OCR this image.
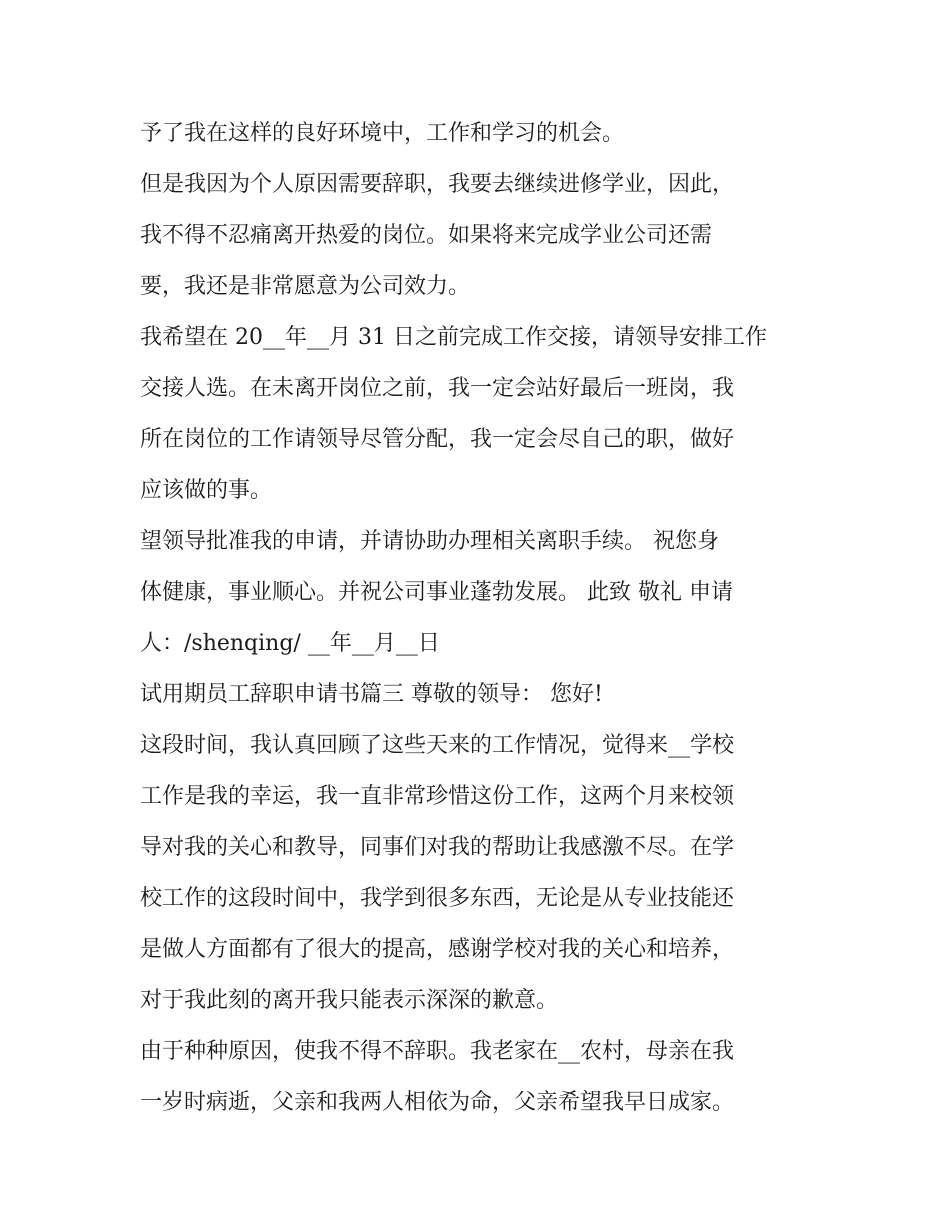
予了我在这样的良好环境中，工作和学习的机会。
但是我因为个人原因需要辞职，我要去继续进修学业，因此，
我不得不忍痛离开热爱的岗位。如果将来完成学业公司还需
要，我还是非常愿意为公司效力。
我希望在 20__年__月 31 日之前完成工作交接，请领导安排工作
交接人选。在未离开岗位之前，我一定会站好最后一班岗，我
所在岗位的工作请领导尽管分配，我一定会尽自己的职，做好
应该做的事。
望领导批准我的申请，并请协助办理相关离职手续。 祝您身
体健康，事业顺心。并祝公司事业蓬勃发展。 此致 敬礼 申请
人：/shenqing/ __年__月__日
试用期员工辞职申请书篇三 尊敬的领导： 您好!
这段时间，我认真回顾了这些天来的工作情况，觉得来__学校
工作是我的幸运，我一直非常珍惜这份工作，这两个月来校领
导对我的关心和教导，同事们对我的帮助让我感激不尽。在学
校工作的这段时间中，我学到很多东西，无论是从专业技能还
是做人方面都有了很大的提高，感谢学校对我的关心和培养，
对于我此刻的离开我只能表示深深的歉意。
由于种种原因，使我不得不辞职。我老家在__农村，母亲在我
一岁时病逝，父亲和我两人相依为命，父亲希望我早日成家。
